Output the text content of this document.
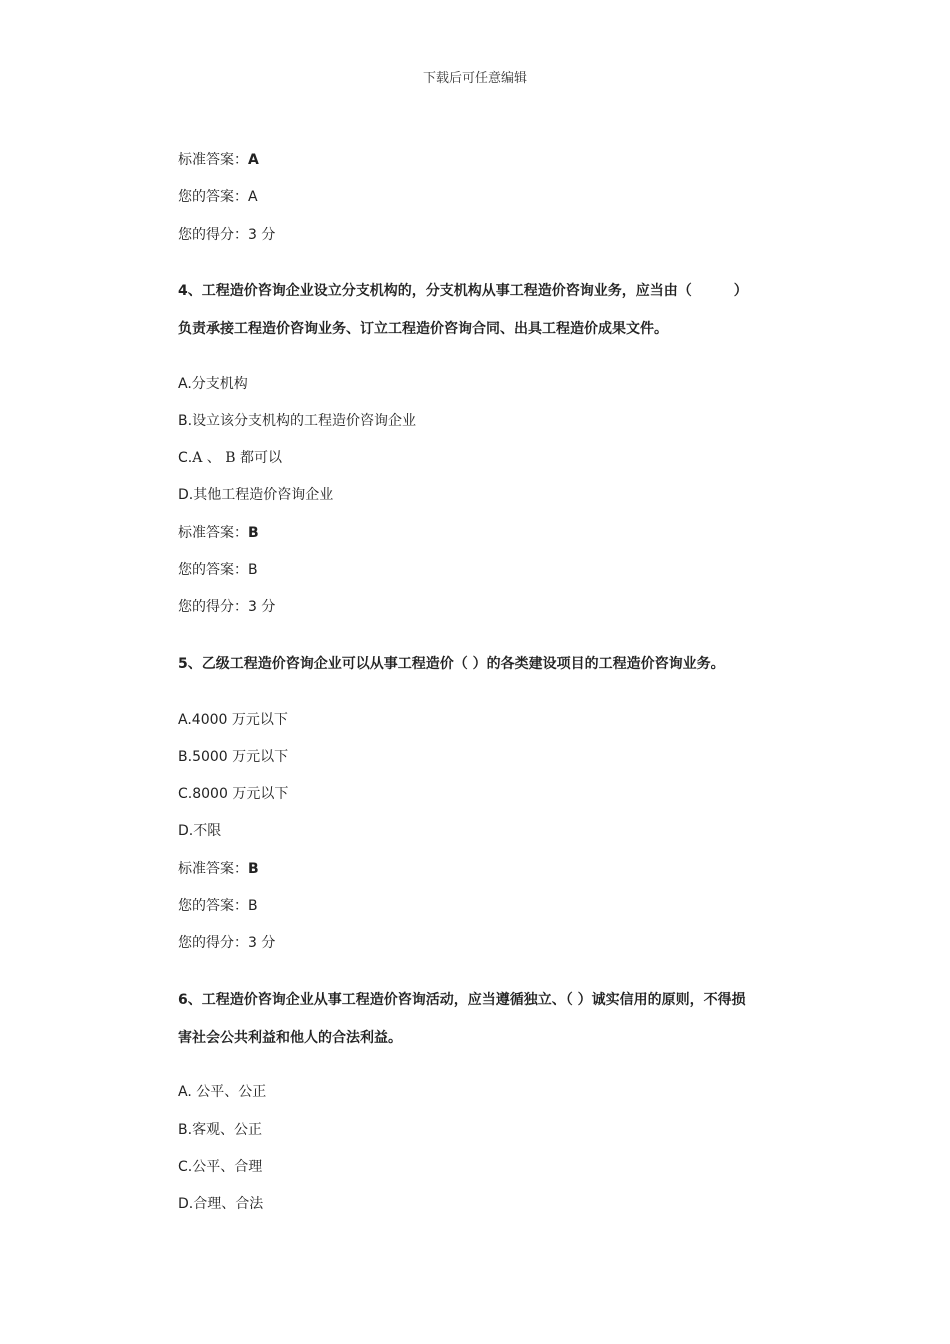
下载后可任意编辑
标准答案：A
您的答案：A
您的得分：3 分
4、工程造价咨询企业设立分支机构的，分支机构从事工程造价咨询业务，应当由（　　　）
负责承接工程造价咨询业务、订立工程造价咨询合同、出具工程造价成果文件。
A.分支机构
B.设立该分支机构的工程造价咨询企业
C.A 、 B 都可以
D.其他工程造价咨询企业
标准答案：B
您的答案：B
您的得分：3 分
5、乙级工程造价咨询企业可以从事工程造价（ ）的各类建设项目的工程造价咨询业务。
A.4000 万元以下
B.5000 万元以下
C.8000 万元以下
D.不限
标准答案：B
您的答案：B
您的得分：3 分
6、工程造价咨询企业从事工程造价咨询活动，应当遵循独立、（ ）诚实信用的原则，不得损
害社会公共利益和他人的合法利益。
A. 公平、公正
B.客观、公正
C.公平、合理
D.合理、合法
